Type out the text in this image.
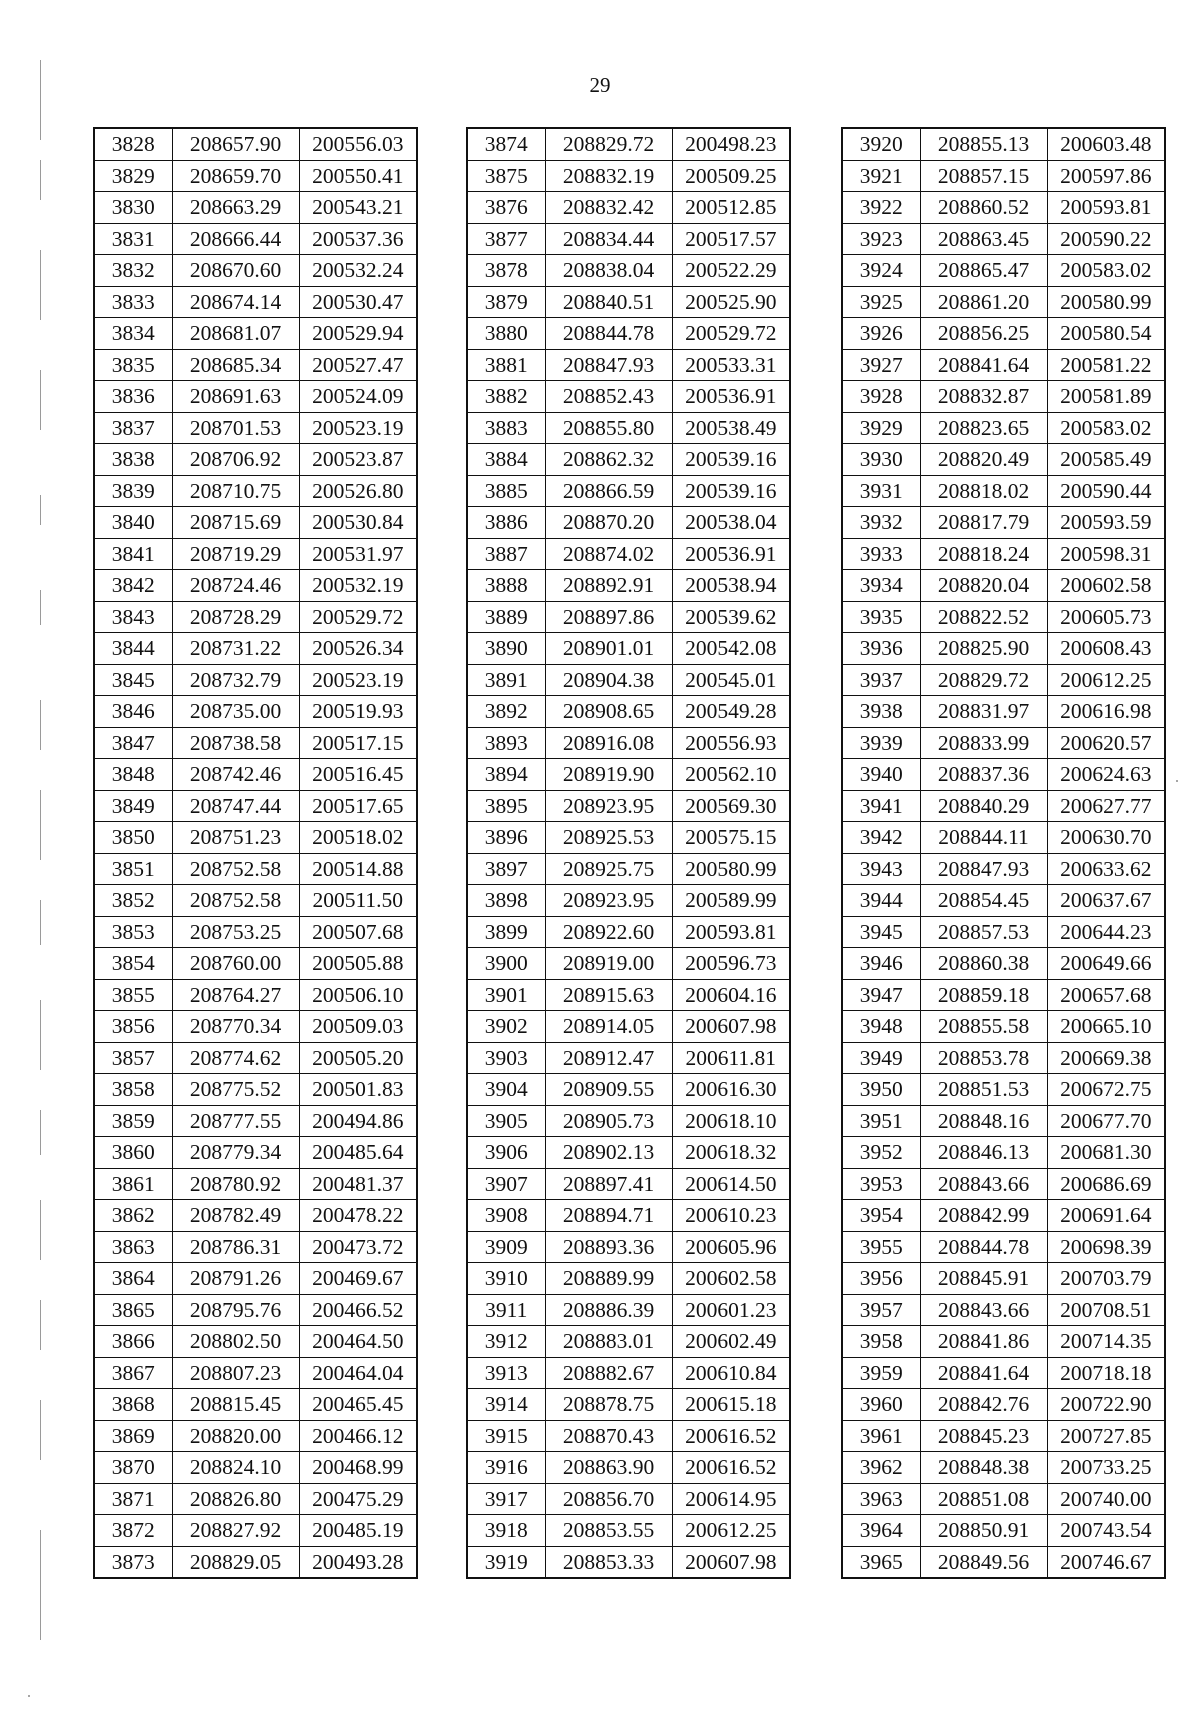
29
3828	208657.90	200556.03
3829	208659.70	200550.41
3830	208663.29	200543.21
3831	208666.44	200537.36
3832	208670.60	200532.24
3833	208674.14	200530.47
3834	208681.07	200529.94
3835	208685.34	200527.47
3836	208691.63	200524.09
3837	208701.53	200523.19
3838	208706.92	200523.87
3839	208710.75	200526.80
3840	208715.69	200530.84
3841	208719.29	200531.97
3842	208724.46	200532.19
3843	208728.29	200529.72
3844	208731.22	200526.34
3845	208732.79	200523.19
3846	208735.00	200519.93
3847	208738.58	200517.15
3848	208742.46	200516.45
3849	208747.44	200517.65
3850	208751.23	200518.02
3851	208752.58	200514.88
3852	208752.58	200511.50
3853	208753.25	200507.68
3854	208760.00	200505.88
3855	208764.27	200506.10
3856	208770.34	200509.03
3857	208774.62	200505.20
3858	208775.52	200501.83
3859	208777.55	200494.86
3860	208779.34	200485.64
3861	208780.92	200481.37
3862	208782.49	200478.22
3863	208786.31	200473.72
3864	208791.26	200469.67
3865	208795.76	200466.52
3866	208802.50	200464.50
3867	208807.23	200464.04
3868	208815.45	200465.45
3869	208820.00	200466.12
3870	208824.10	200468.99
3871	208826.80	200475.29
3872	208827.92	200485.19
3873	208829.05	200493.28
3874	208829.72	200498.23
3875	208832.19	200509.25
3876	208832.42	200512.85
3877	208834.44	200517.57
3878	208838.04	200522.29
3879	208840.51	200525.90
3880	208844.78	200529.72
3881	208847.93	200533.31
3882	208852.43	200536.91
3883	208855.80	200538.49
3884	208862.32	200539.16
3885	208866.59	200539.16
3886	208870.20	200538.04
3887	208874.02	200536.91
3888	208892.91	200538.94
3889	208897.86	200539.62
3890	208901.01	200542.08
3891	208904.38	200545.01
3892	208908.65	200549.28
3893	208916.08	200556.93
3894	208919.90	200562.10
3895	208923.95	200569.30
3896	208925.53	200575.15
3897	208925.75	200580.99
3898	208923.95	200589.99
3899	208922.60	200593.81
3900	208919.00	200596.73
3901	208915.63	200604.16
3902	208914.05	200607.98
3903	208912.47	200611.81
3904	208909.55	200616.30
3905	208905.73	200618.10
3906	208902.13	200618.32
3907	208897.41	200614.50
3908	208894.71	200610.23
3909	208893.36	200605.96
3910	208889.99	200602.58
3911	208886.39	200601.23
3912	208883.01	200602.49
3913	208882.67	200610.84
3914	208878.75	200615.18
3915	208870.43	200616.52
3916	208863.90	200616.52
3917	208856.70	200614.95
3918	208853.55	200612.25
3919	208853.33	200607.98
3920	208855.13	200603.48
3921	208857.15	200597.86
3922	208860.52	200593.81
3923	208863.45	200590.22
3924	208865.47	200583.02
3925	208861.20	200580.99
3926	208856.25	200580.54
3927	208841.64	200581.22
3928	208832.87	200581.89
3929	208823.65	200583.02
3930	208820.49	200585.49
3931	208818.02	200590.44
3932	208817.79	200593.59
3933	208818.24	200598.31
3934	208820.04	200602.58
3935	208822.52	200605.73
3936	208825.90	200608.43
3937	208829.72	200612.25
3938	208831.97	200616.98
3939	208833.99	200620.57
3940	208837.36	200624.63
3941	208840.29	200627.77
3942	208844.11	200630.70
3943	208847.93	200633.62
3944	208854.45	200637.67
3945	208857.53	200644.23
3946	208860.38	200649.66
3947	208859.18	200657.68
3948	208855.58	200665.10
3949	208853.78	200669.38
3950	208851.53	200672.75
3951	208848.16	200677.70
3952	208846.13	200681.30
3953	208843.66	200686.69
3954	208842.99	200691.64
3955	208844.78	200698.39
3956	208845.91	200703.79
3957	208843.66	200708.51
3958	208841.86	200714.35
3959	208841.64	200718.18
3960	208842.76	200722.90
3961	208845.23	200727.85
3962	208848.38	200733.25
3963	208851.08	200740.00
3964	208850.91	200743.54
3965	208849.56	200746.67
